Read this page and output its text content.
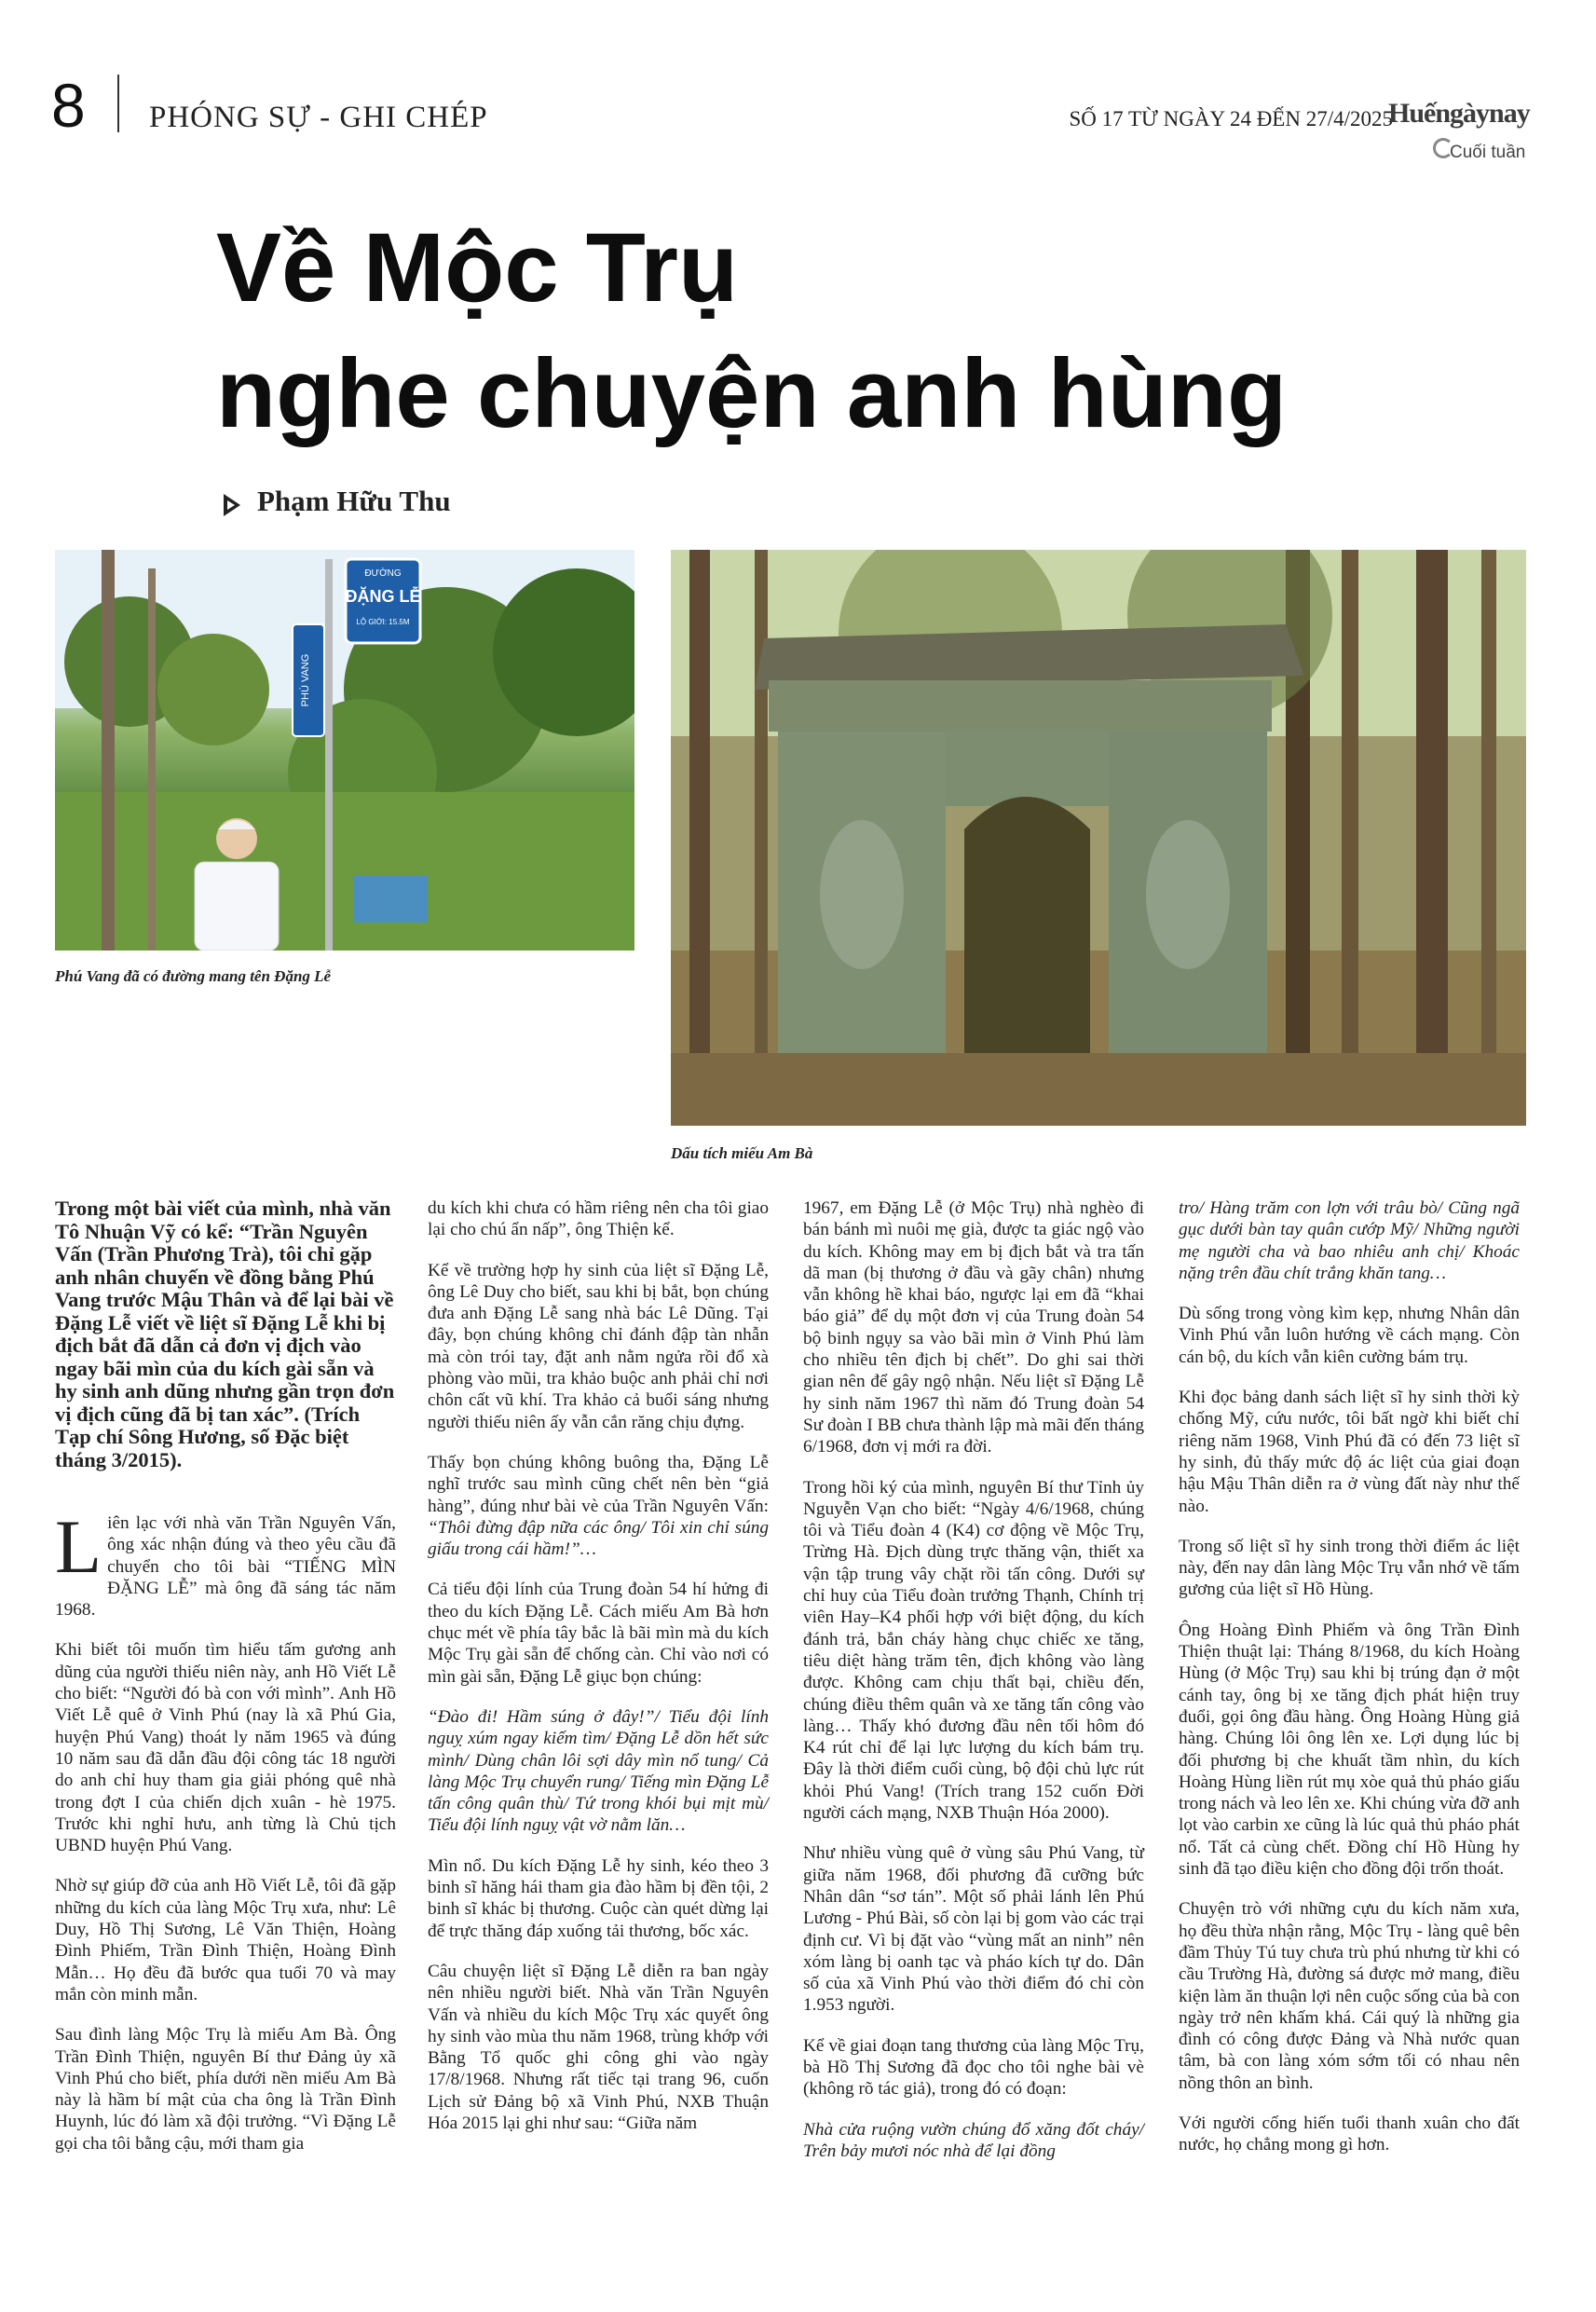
8 PHÓNG SỰ - GHI CHÉP	SỐ 17 TỪ NGÀY 24 ĐẾN 27/4/2025
Huếngàynay
Cuối tuần
Về Mộc Trụ
nghe chuyện anh hùng
Phạm Hữu Thu
ĐƯỜNG
ĐẶNG LỄ
LỘ GIỚI: 15.5M
PHÚ VANG
Phú Vang đã có đường mang tên Đặng Lễ
Dấu tích miếu Am Bà

Trong một bài viết của mình, nhà văn Tô Nhuận Vỹ có kể: “Trần Nguyên Vấn (Trần Phương Trà), tôi chỉ gặp anh nhân chuyến về đồng bằng Phú Vang trước Mậu Thân và để lại bài về Đặng Lễ viết về liệt sĩ Đặng Lễ khi bị địch bắt đã dẫn cả đơn vị địch vào ngay bãi mìn của du kích gài sẵn và hy sinh anh dũng nhưng gần trọn đơn vị địch cũng đã bị tan xác”. (Trích Tạp chí Sông Hương, số Đặc biệt tháng 3/2015).

Liên lạc với nhà văn Trần Nguyên Vấn, ông xác nhận đúng và theo yêu cầu đã chuyển cho tôi bài “TIẾNG MÌN ĐẶNG LỄ” mà ông đã sáng tác năm 1968.

Khi biết tôi muốn tìm hiểu tấm gương anh dũng của người thiếu niên này, anh Hồ Viết Lễ cho biết: “Người đó bà con với mình”. Anh Hồ Viết Lễ quê ở Vinh Phú (nay là xã Phú Gia, huyện Phú Vang) thoát ly năm 1965 và đúng 10 năm sau đã dẫn đầu đội công tác 18 người do anh chỉ huy tham gia giải phóng quê nhà trong đợt I của chiến dịch xuân - hè 1975. Trước khi nghỉ hưu, anh từng là Chủ tịch UBND huyện Phú Vang.

Nhờ sự giúp đỡ của anh Hồ Viết Lễ, tôi đã gặp những du kích của làng Mộc Trụ xưa, như: Lê Duy, Hồ Thị Sương, Lê Văn Thiện, Hoàng Đình Phiếm, Trần Đình Thiện, Hoàng Đình Mẫn… Họ đều đã bước qua tuổi 70 và may mắn còn minh mẫn.

Sau đình làng Mộc Trụ là miếu Am Bà. Ông Trần Đình Thiện, nguyên Bí thư Đảng ủy xã Vinh Phú cho biết, phía dưới nền miếu Am Bà này là hầm bí mật của cha ông là Trần Đình Huynh, lúc đó làm xã đội trưởng. “Vì Đặng Lễ gọi cha tôi bằng cậu, mới tham gia

du kích khi chưa có hầm riêng nên cha tôi giao lại cho chú ẩn nấp”, ông Thiện kể.

Kể về trường hợp hy sinh của liệt sĩ Đặng Lễ, ông Lê Duy cho biết, sau khi bị bắt, bọn chúng đưa anh Đặng Lễ sang nhà bác Lê Dũng. Tại đây, bọn chúng không chỉ đánh đập tàn nhẫn mà còn trói tay, đặt anh nằm ngửa rồi đổ xà phòng vào mũi, tra khảo buộc anh phải chỉ nơi chôn cất vũ khí. Tra khảo cả buổi sáng nhưng người thiếu niên ấy vẫn cắn răng chịu đựng.

Thấy bọn chúng không buông tha, Đặng Lễ nghĩ trước sau mình cũng chết nên bèn “giả hàng”, đúng như bài vè của Trần Nguyên Vấn: “Thôi đừng đập nữa các ông/ Tôi xin chỉ súng giấu trong cái hầm!”…

Cả tiểu đội lính của Trung đoàn 54 hí hửng đi theo du kích Đặng Lễ. Cách miếu Am Bà hơn chục mét về phía tây bắc là bãi mìn mà du kích Mộc Trụ gài sẵn để chống càn. Chỉ vào nơi có mìn gài sẵn, Đặng Lễ giục bọn chúng:

“Đào đi! Hầm súng ở đây!”/ Tiểu đội lính nguỵ xúm ngay kiếm tìm/ Đặng Lễ dồn hết sức mình/ Dùng chân lôi sợi dây mìn nổ tung/ Cả làng Mộc Trụ chuyển rung/ Tiếng mìn Đặng Lễ tấn công quân thù/ Tứ trong khói bụi mịt mù/ Tiểu đội lính nguỵ vật vờ nằm lăn…

Mìn nổ. Du kích Đặng Lễ hy sinh, kéo theo 3 binh sĩ hăng hái tham gia đào hầm bị đền tội, 2 binh sĩ khác bị thương. Cuộc càn quét dừng lại để trực thăng đáp xuống tải thương, bốc xác.

Câu chuyện liệt sĩ Đặng Lễ diễn ra ban ngày nên nhiều người biết. Nhà văn Trần Nguyên Vấn và nhiều du kích Mộc Trụ xác quyết ông hy sinh vào mùa thu năm 1968, trùng khớp với Bằng Tổ quốc ghi công ghi vào ngày 17/8/1968. Nhưng rất tiếc tại trang 96, cuốn Lịch sử Đảng bộ xã Vinh Phú, NXB Thuận Hóa 2015 lại ghi như sau: “Giữa năm

1967, em Đặng Lễ (ở Mộc Trụ) nhà nghèo đi bán bánh mì nuôi mẹ già, được ta giác ngộ vào du kích. Không may em bị địch bắt và tra tấn dã man (bị thương ở đầu và gãy chân) nhưng vẫn không hề khai báo, ngược lại em đã “khai báo giả” để dụ một đơn vị của Trung đoàn 54 bộ binh ngụy sa vào bãi mìn ở Vinh Phú làm cho nhiều tên địch bị chết”. Do ghi sai thời gian nên để gây ngộ nhận. Nếu liệt sĩ Đặng Lễ hy sinh năm 1967 thì năm đó Trung đoàn 54 Sư đoàn I BB chưa thành lập mà mãi đến tháng 6/1968, đơn vị mới ra đời.

Trong hồi ký của mình, nguyên Bí thư Tỉnh ủy Nguyễn Vạn cho biết: “Ngày 4/6/1968, chúng tôi và Tiểu đoàn 4 (K4) cơ động về Mộc Trụ, Trừng Hà. Địch dùng trực thăng vận, thiết xa vận tập trung vây chặt rồi tấn công. Dưới sự chỉ huy của Tiểu đoàn trưởng Thạnh, Chính trị viên Hay–K4 phối hợp với biệt động, du kích đánh trả, bắn cháy hàng chục chiếc xe tăng, tiêu diệt hàng trăm tên, địch không vào làng được. Không cam chịu thất bại, chiều đến, chúng điều thêm quân và xe tăng tấn công vào làng… Thấy khó đương đầu nên tối hôm đó K4 rút chỉ để lại lực lượng du kích bám trụ. Đây là thời điểm cuối cùng, bộ đội chủ lực rút khỏi Phú Vang! (Trích trang 152 cuốn Đời người cách mạng, NXB Thuận Hóa 2000).

Như nhiều vùng quê ở vùng sâu Phú Vang, từ giữa năm 1968, đối phương đã cưỡng bức Nhân dân “sơ tán”. Một số phải lánh lên Phú Lương - Phú Bài, số còn lại bị gom vào các trại định cư. Vì bị đặt vào “vùng mất an ninh” nên xóm làng bị oanh tạc và pháo kích tự do. Dân số của xã Vinh Phú vào thời điểm đó chỉ còn 1.953 người.

Kể về giai đoạn tang thương của làng Mộc Trụ, bà Hồ Thị Sương đã đọc cho tôi nghe bài vè (không rõ tác giả), trong đó có đoạn:

Nhà cửa ruộng vườn chúng đổ xăng đốt cháy/ Trên bảy mươi nóc nhà để lại đồng

tro/ Hàng trăm con lợn với trâu bò/ Cũng ngã gục dưới bàn tay quân cướp Mỹ/ Những người mẹ người cha và bao nhiêu anh chị/ Khoác nặng trên đầu chít trắng khăn tang…

Dù sống trong vòng kìm kẹp, nhưng Nhân dân Vinh Phú vẫn luôn hướng về cách mạng. Còn cán bộ, du kích vẫn kiên cường bám trụ.

Khi đọc bảng danh sách liệt sĩ hy sinh thời kỳ chống Mỹ, cứu nước, tôi bất ngờ khi biết chỉ riêng năm 1968, Vinh Phú đã có đến 73 liệt sĩ hy sinh, đủ thấy mức độ ác liệt của giai đoạn hậu Mậu Thân diễn ra ở vùng đất này như thế nào.

Trong số liệt sĩ hy sinh trong thời điểm ác liệt này, đến nay dân làng Mộc Trụ vẫn nhớ về tấm gương của liệt sĩ Hồ Hùng.

Ông Hoàng Đình Phiếm và ông Trần Đình Thiện thuật lại: Tháng 8/1968, du kích Hoàng Hùng (ở Mộc Trụ) sau khi bị trúng đạn ở một cánh tay, ông bị xe tăng địch phát hiện truy đuổi, gọi ông đầu hàng. Ông Hoàng Hùng giả hàng. Chúng lôi ông lên xe. Lợi dụng lúc bị đối phương bị che khuất tầm nhìn, du kích Hoàng Hùng liền rút mụ xòe quả thủ pháo giấu trong nách và leo lên xe. Khi chúng vừa đỡ anh lọt vào carbin xe cũng là lúc quả thủ pháo phát nổ. Tất cả cùng chết. Đồng chí Hồ Hùng hy sinh đã tạo điều kiện cho đồng đội trốn thoát.

Chuyện trò với những cựu du kích năm xưa, họ đều thừa nhận rằng, Mộc Trụ - làng quê bên đầm Thủy Tú tuy chưa trù phú nhưng từ khi có cầu Trường Hà, đường sá được mở mang, điều kiện làm ăn thuận lợi nên cuộc sống của bà con ngày trở nên khấm khá. Cái quý là những gia đình có công được Đảng và Nhà nước quan tâm, bà con làng xóm sớm tối có nhau nên nồng thôn an bình.

Với người cống hiến tuổi thanh xuân cho đất nước, họ chẳng mong gì hơn.
